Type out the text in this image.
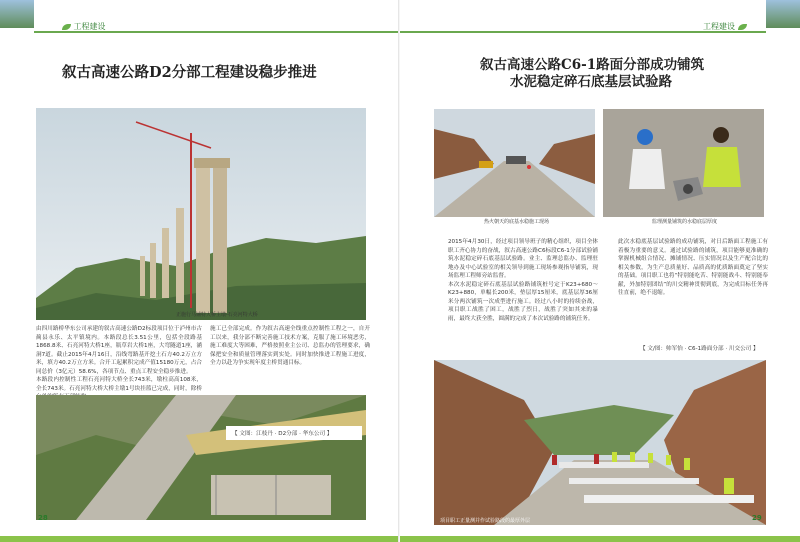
工程建设
叙古高速公路D2分部工程建设稳步推进
正施行马铺特大桥主墩-石亮河特大桥

由四川路桥华东公司承建的叙古高速公路D2标段项目位于泸州市古蔺县永乐、太平镇境内。本路段总长3.51公里，包括全段路基1868.8米、石亮河特大桥1座，瓶草岩大桥1座，大弯隧道1座，涵洞7道。截止2015年4月16日，沿线弯路基开挖土石方40.2万立方米，填方40.2万立方米。合开工起累积完成产值15180万元，占合同总价（3亿元）58.6%，各项节点、重点工程安全稳步推进。
本路段内控制性工程石亮河特大桥全长743米，墩柱高高108米，全长743米。石亮河特大桥大桥主墩1号块挂篮已完成，同时，除桥

施工已全部完成。作为叙古高速全线重点控制性工程之一，自开工以来，我分部不断完善施工技术方案，克服了施工环境恶劣，施工难度大等困难，严格按照业主公司、总监办的管理要求，确保把安全和质量管理落实到实处。同时加快推进工程施工进度，全力以赴为争实现年度主桥贯通目标。

【 文图：江枝丹 · D2分部 · 华东公司 】
28
工程建设
叙古高速公路C6-1路面分部成功铺筑
水泥稳定碎石底基层试验路
热火朝天的底基水稳施工现场	监理测量铺筑的水稳底层厚度

2015年4月30日，经过项目领导班子的精心组织，项目全体职工齐心协力的奋战，叙古高速公路C6标段C6-1分部试验铺筑水泥稳定碎石底基层试验路。业主、监理总监办、监理驻地办及中心试验室的相关领导到施工现场参观指导铺筑，现场监理工程师旁站监督。
本次水泥稳定碎石底基层试验路铺筑桩号定于K23+680～K23+880，单幅长200米，垫层厚15厘米，底基层厚36厘米分两次铺筑一次成型进行施工。经过八小时的持续奋战，项目职工战胜了困工，战胜了烈日，战胜了突如其来的暴雨，最终大获全胜，圆满的完成了本次试验路的铺筑任务。

此次水稳底基层试验路的成功铺筑，对日后路面工程施工有着极为重要的意义。通过试验路的铺筑，项目能够更准确的掌握机械组合情况、摊铺情况、压实情况以及生产配合比的相关参数，为生产总质量好、品质高的优质路面奠定了坚实的基础。项目职工也将“特别能吃苦、特别能战斗、特别能奉献，外加特别团结”的川交精神贯彻到底，为完成目标任务再往直前，绝不退缩。

【 文/图：帅军怡 · C6-1路面分部 · 川交公司 】
项目职工正量测并作试验路段的最厚外层	29
